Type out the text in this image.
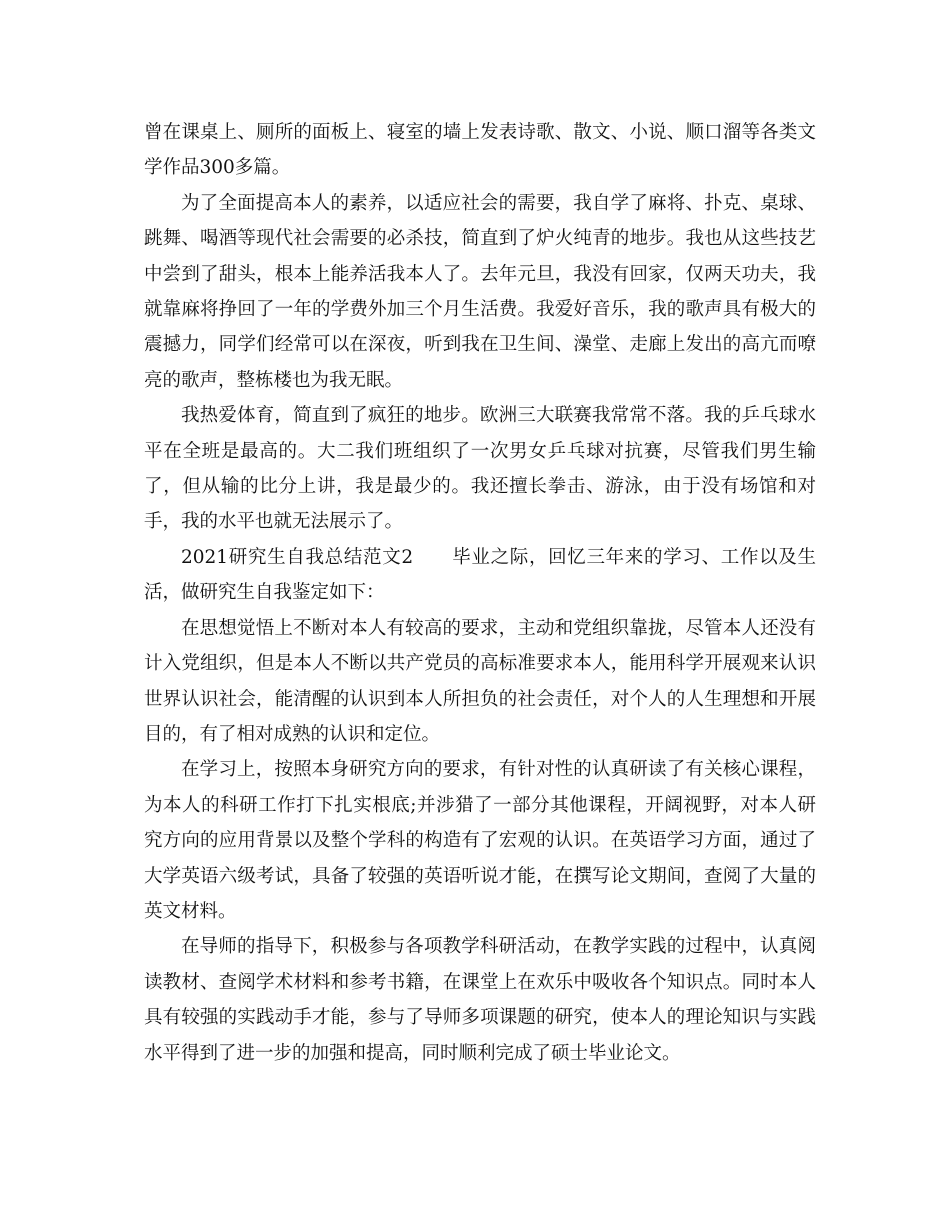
曾在课桌上、厕所的面板上、寝室的墙上发表诗歌、散文、小说、顺口溜等各类文学作品300多篇。

为了全面提高本人的素养，以适应社会的需要，我自学了麻将、扑克、桌球、跳舞、喝酒等现代社会需要的必杀技，简直到了炉火纯青的地步。我也从这些技艺中尝到了甜头，根本上能养活我本人了。去年元旦，我没有回家，仅两天功夫，我就靠麻将挣回了一年的学费外加三个月生活费。我爱好音乐，我的歌声具有极大的震撼力，同学们经常可以在深夜，听到我在卫生间、澡堂、走廊上发出的高亢而嘹亮的歌声，整栋楼也为我无眠。

我热爱体育，简直到了疯狂的地步。欧洲三大联赛我常常不落。我的乒乓球水平在全班是最高的。大二我们班组织了一次男女乒乓球对抗赛，尽管我们男生输了，但从输的比分上讲，我是最少的。我还擅长拳击、游泳，由于没有场馆和对手，我的水平也就无法展示了。

2021研究生自我总结范文2　　毕业之际，回忆三年来的学习、工作以及生活，做研究生自我鉴定如下：

在思想觉悟上不断对本人有较高的要求，主动和党组织靠拢，尽管本人还没有计入党组织，但是本人不断以共产党员的高标准要求本人，能用科学开展观来认识世界认识社会，能清醒的认识到本人所担负的社会责任，对个人的人生理想和开展目的，有了相对成熟的认识和定位。

在学习上，按照本身研究方向的要求，有针对性的认真研读了有关核心课程，为本人的科研工作打下扎实根底;并涉猎了一部分其他课程，开阔视野，对本人研究方向的应用背景以及整个学科的构造有了宏观的认识。在英语学习方面，通过了大学英语六级考试，具备了较强的英语听说才能，在撰写论文期间，查阅了大量的英文材料。

在导师的指导下，积极参与各项教学科研活动，在教学实践的过程中，认真阅读教材、查阅学术材料和参考书籍，在课堂上在欢乐中吸收各个知识点。同时本人具有较强的实践动手才能，参与了导师多项课题的研究，使本人的理论知识与实践水平得到了进一步的加强和提高，同时顺利完成了硕士毕业论文。
